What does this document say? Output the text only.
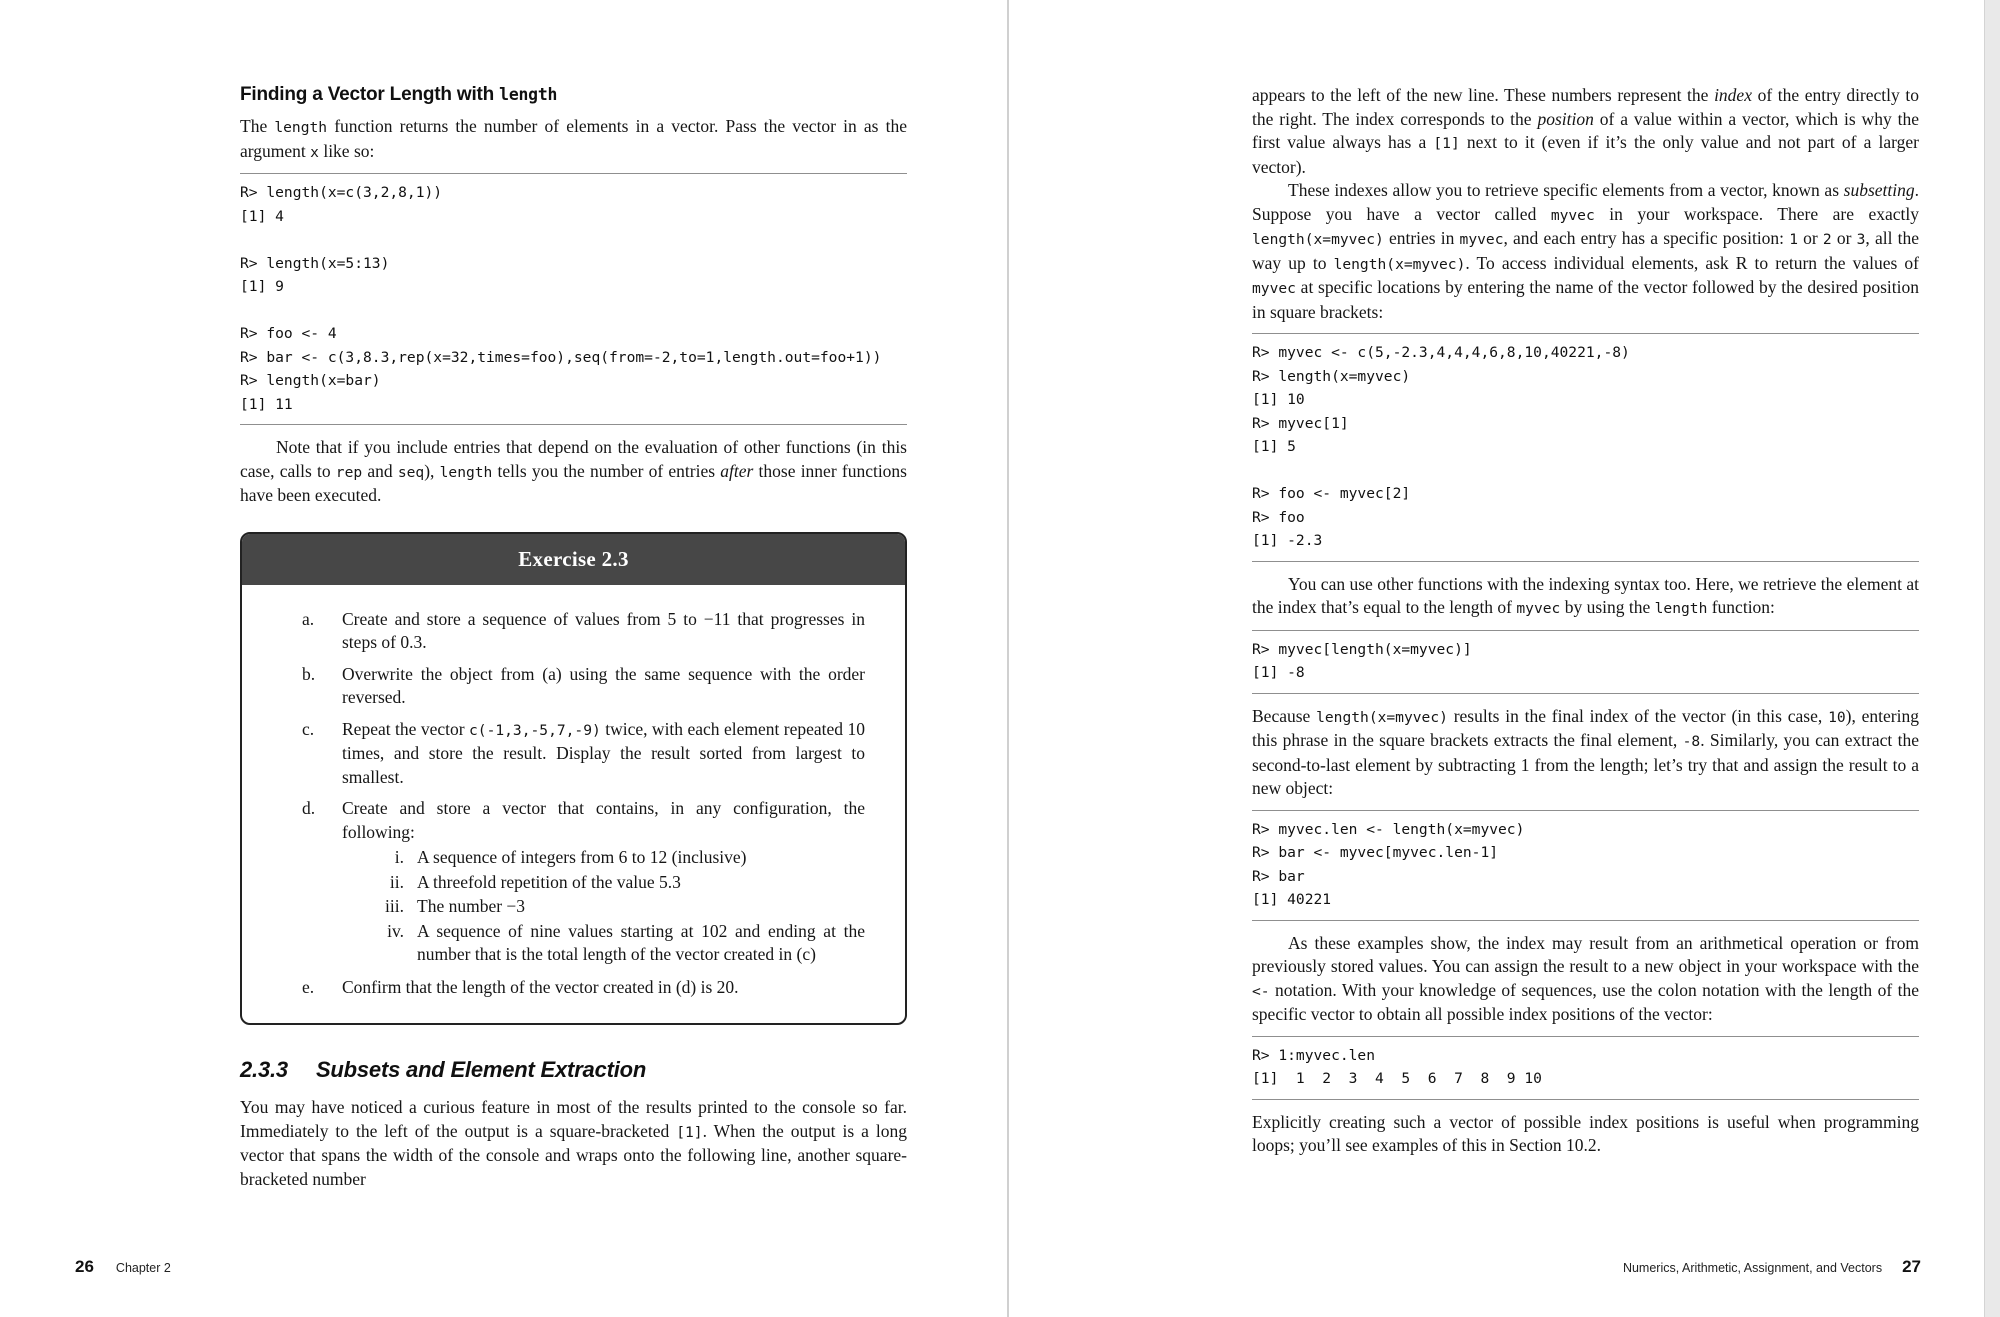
Finding a Vector Length with length

The length function returns the number of elements in a vector. Pass the vector in as the argument x like so:

R> length(x=c(3,2,8,1))
[1] 4

R> length(x=5:13)
[1] 9

R> foo <- 4
R> bar <- c(3,8.3,rep(x=32,times=foo),seq(from=-2,to=1,length.out=foo+1))
R> length(x=bar)
[1] 11

Note that if you include entries that depend on the evaluation of other functions (in this case, calls to rep and seq), length tells you the number of entries after those inner functions have been executed.

Exercise 2.3
a.	Create and store a sequence of values from 5 to −11 that progresses in steps of 0.3.
b.	Overwrite the object from (a) using the same sequence with the order reversed.
c.	Repeat the vector c(-1,3,-5,7,-9) twice, with each element repeated 10 times, and store the result. Display the result sorted from largest to smallest.
d.	Create and store a vector that contains, in any configuration, the following:
i. A sequence of integers from 6 to 12 (inclusive)
ii. A threefold repetition of the value 5.3
iii. The number −3
iv. A sequence of nine values starting at 102 and ending at the number that is the total length of the vector created in (c)
e.	Confirm that the length of the vector created in (d) is 20.
2.3.3 Subsets and Element Extraction

You may have noticed a curious feature in most of the results printed to the console so far. Immediately to the left of the output is a square-bracketed [1]. When the output is a long vector that spans the width of the console and wraps onto the following line, another square-bracketed number

26 Chapter 2

appears to the left of the new line. These numbers represent the index of the entry directly to the right. The index corresponds to the position of a value within a vector, which is why the first value always has a [1] next to it (even if it’s the only value and not part of a larger vector).

These indexes allow you to retrieve specific elements from a vector, known as subsetting. Suppose you have a vector called myvec in your workspace. There are exactly length(x=myvec) entries in myvec, and each entry has a specific position: 1 or 2 or 3, all the way up to length(x=myvec). To access individual elements, ask R to return the values of myvec at specific locations by entering the name of the vector followed by the desired position in square brackets:

R> myvec <- c(5,-2.3,4,4,4,6,8,10,40221,-8)
R> length(x=myvec)
[1] 10
R> myvec[1]
[1] 5

R> foo <- myvec[2]
R> foo
[1] -2.3

You can use other functions with the indexing syntax too. Here, we retrieve the element at the index that’s equal to the length of myvec by using the length function:

R> myvec[length(x=myvec)]
[1] -8

Because length(x=myvec) results in the final index of the vector (in this case, 10), entering this phrase in the square brackets extracts the final element, -8. Similarly, you can extract the second-to-last element by subtracting 1 from the length; let’s try that and assign the result to a new object:

R> myvec.len <- length(x=myvec)
R> bar <- myvec[myvec.len-1]
R> bar
[1] 40221

As these examples show, the index may result from an arithmetical operation or from previously stored values. You can assign the result to a new object in your workspace with the <- notation. With your knowledge of sequences, use the colon notation with the length of the specific vector to obtain all possible index positions of the vector:

R> 1:myvec.len
[1]  1  2  3  4  5  6  7  8  9 10

Explicitly creating such a vector of possible index positions is useful when programming loops; you’ll see examples of this in Section 10.2.

Numerics, Arithmetic, Assignment, and Vectors 27
